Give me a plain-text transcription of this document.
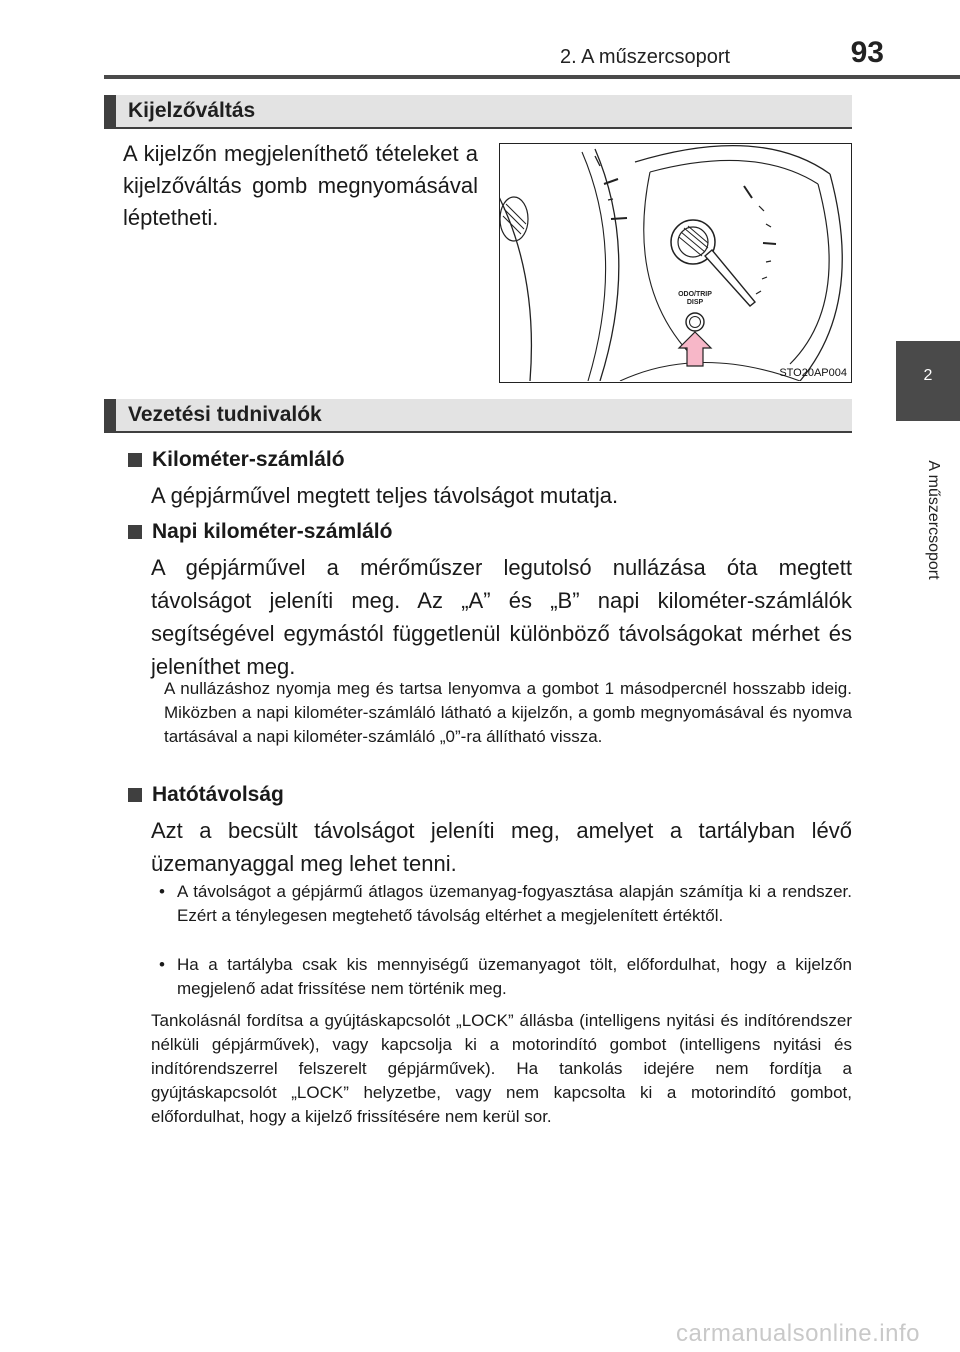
2. A műszercsoport	93
2
A műszercsoport
Kijelzőváltás
A kijelzőn megjeleníthető tételeket a kijelzőváltás gomb megnyomásával léptetheti.
ODO/TRIP
DISP
STO20AP004
Vezetési tudnivalók
Kilométer-számláló
A gépjárművel megtett teljes távolságot mutatja.
Napi kilométer-számláló
A gépjárművel a mérőműszer legutolsó nullázása óta megtett távolságot jeleníti meg. Az „A” és „B” napi kilométer-számlálók segítségével egymástól függetlenül különböző távolságokat mérhet és jeleníthet meg.
A nullázáshoz nyomja meg és tartsa lenyomva a gombot 1 másodpercnél hosszabb ideig. Miközben a napi kilométer-számláló látható a kijelzőn, a gomb megnyomásával és nyomva tartásával a napi kilométer-számláló „0”-ra állítható vissza.
Hatótávolság
Azt a becsült távolságot jeleníti meg, amelyet a tartályban lévő üzemanyaggal meg lehet tenni.
• A távolságot a gépjármű átlagos üzemanyag-fogyasztása alapján számítja ki a rendszer. Ezért a ténylegesen megtehető távolság eltérhet a megjelenített értéktől.
• Ha a tartályba csak kis mennyiségű üzemanyagot tölt, előfordulhat, hogy a kijelzőn megjelenő adat frissítése nem történik meg.
Tankolásnál fordítsa a gyújtáskapcsolót „LOCK” állásba (intelligens nyitási és indítórendszer nélküli gépjárművek), vagy kapcsolja ki a motorindító gombot (intelligens nyitási és indítórendszerrel felszerelt gépjárművek). Ha tankolás idejére nem fordítja a gyújtáskapcsolót „LOCK” helyzetbe, vagy nem kapcsolta ki a motorindító gombot, előfordulhat, hogy a kijelző frissítésére nem kerül sor.
carmanualsonline.info
